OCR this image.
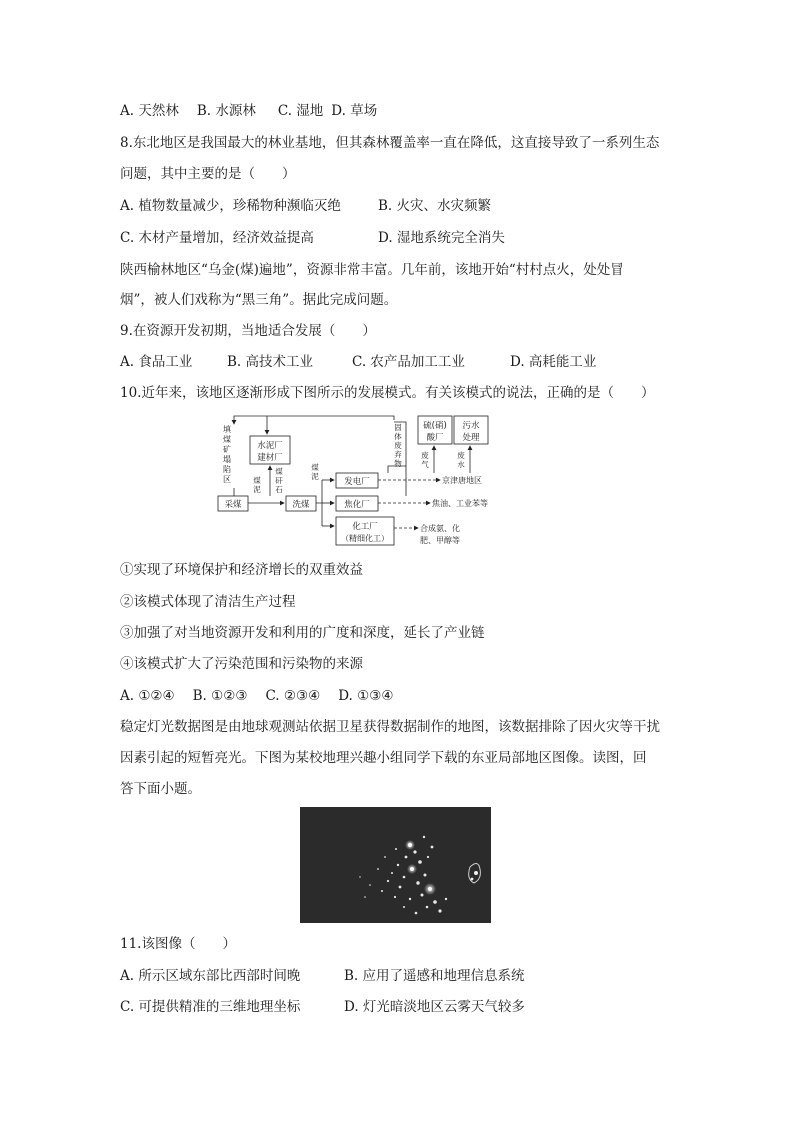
A. 天然林 B. 水源林 C. 湿地 D. 草场
8.东北地区是我国最大的林业基地，但其森林覆盖率一直在降低，这直接导致了一系列生态
问题，其中主要的是（　　）
A. 植物数量减少，珍稀物种濒临灭绝	B. 火灾、水灾频繁
C. 木材产量增加，经济效益提高	D. 湿地系统完全消失
陕西榆林地区“乌金(煤)遍地”，资源非常丰富。几年前，该地开始“村村点火，处处冒
烟”，被人们戏称为“黑三角”。据此完成问题。
9.在资源开发初期，当地适合发展（　　）
A. 食品工业	B. 高技术工业	C. 农产品加工工业	D. 高耗能工业
10.近年来，该地区逐渐形成下图所示的发展模式。有关该模式的说法，正确的是（　　）
填
煤
矿
塌
陷
区
水泥厂
建材厂
采煤	洗煤
煤
泥
煤
矸
石
煤
泥
发电厂
焦化厂
化工厂
（精细化工）
京津唐地区
焦油、工业苯等
合成氨、化
肥、甲醇等
硫(硝)
酸厂
污水
处理
固
体
废
弃
物
废
气
废
水
①实现了环境保护和经济增长的双重效益
②该模式体现了清洁生产过程
③加强了对当地资源开发和利用的广度和深度，延长了产业链
④该模式扩大了污染范围和污染物的来源
A. ①②④ B. ①②③ C. ②③④ D. ①③④
稳定灯光数据图是由地球观测站依据卫星获得数据制作的地图，该数据排除了因火灾等干扰
因素引起的短暂亮光。下图为某校地理兴趣小组同学下载的东亚局部地区图像。读图，回
答下面小题。
11.该图像（　　）
A. 所示区域东部比西部时间晚	B. 应用了遥感和地理信息系统
C. 可提供精准的三维地理坐标	D. 灯光暗淡地区云雾天气较多
